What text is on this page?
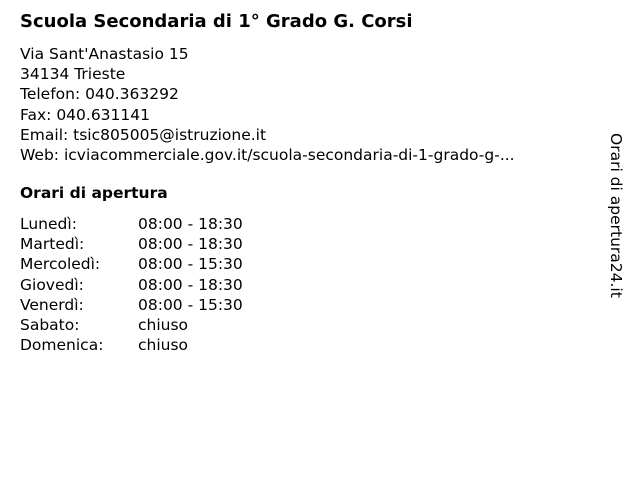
Scuola Secondaria di 1° Grado G. Corsi
Via Sant'Anastasio 15
34134 Trieste
Telefon: 040.363292
Fax: 040.631141
Email: tsic805005@istruzione.it
Web: icviacommerciale.gov.it/scuola-secondaria-di-1-grado-g-...
Orari di apertura
Lunedì:	08:00 - 18:30
Martedì:	08:00 - 18:30
Mercoledì: 08:00 - 15:30
Giovedì:	08:00 - 18:30
Venerdì:	08:00 - 15:30
Sabato:	chiuso
Domenica: chiuso
Orari di apertura24.it
